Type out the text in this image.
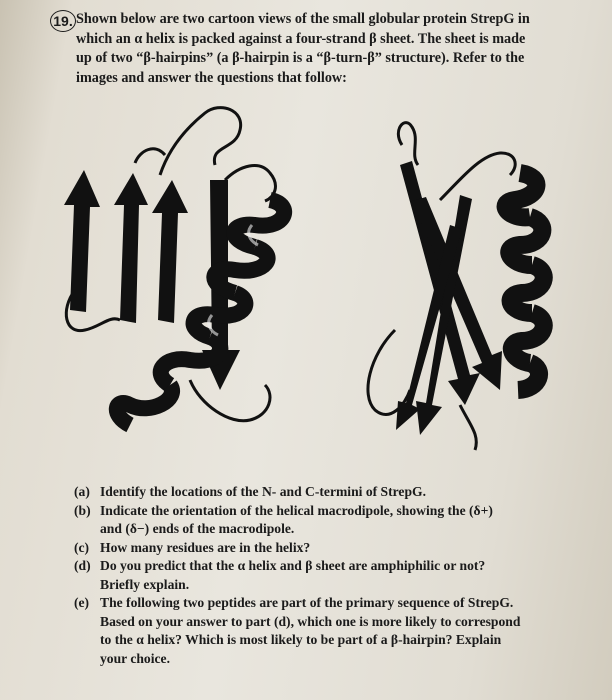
19. Shown below are two cartoon views of the small globular protein StrepG in
which an α helix is packed against a four-strand β sheet. The sheet is made
up of two “β-hairpins” (a β-hairpin is a “β-turn-β” structure). Refer to the
images and answer the questions that follow:

(a) Identify the locations of the N- and C-termini of StrepG.
(b) Indicate the orientation of the helical macrodipole, showing the (δ+)
and (δ−) ends of the macrodipole.
(c) How many residues are in the helix?
(d) Do you predict that the α helix and β sheet are amphiphilic or not?
Briefly explain.
(e) The following two peptides are part of the primary sequence of StrepG.
Based on your answer to part (d), which one is more likely to correspond
to the α helix? Which is most likely to be part of a β-hairpin? Explain
your choice.
